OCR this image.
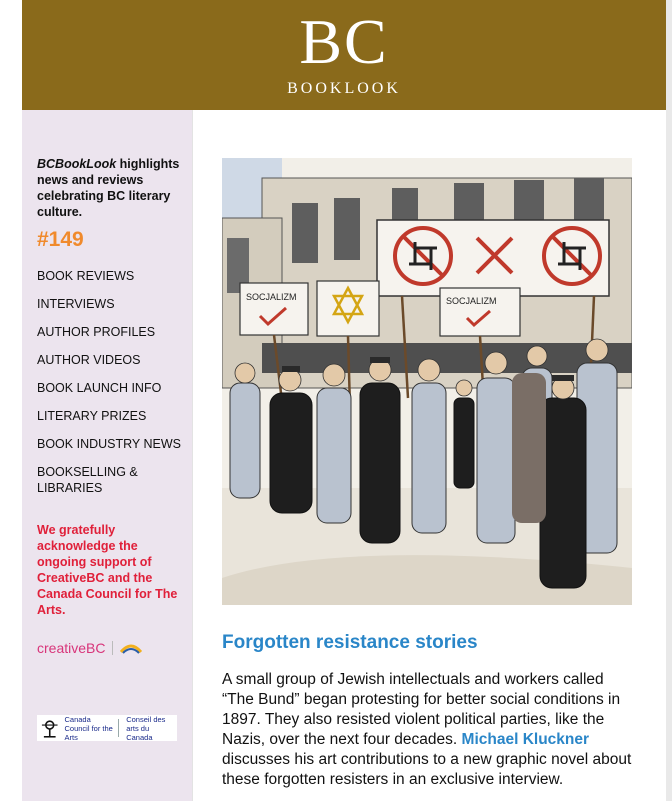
BC
BOOKLOOK
BCBookLook highlights news and reviews celebrating BC literary culture.
#149
BOOK REVIEWS
INTERVIEWS
AUTHOR PROFILES
AUTHOR VIDEOS
BOOK LAUNCH INFO
LITERARY PRIZES
BOOK INDUSTRY NEWS
BOOKSELLING & LIBRARIES
We gratefully acknowledge the ongoing support of CreativeBC and the Canada Council for The Arts.
creativeBC
Canada Council for the Arts
Conseil des arts du Canada
SOCJALIZM	SOCJALIZM
Forgotten resistance stories
A small group of Jewish intellectuals and workers called “The Bund” began protesting for better social conditions in 1897. They also resisted violent political parties, like the Nazis, over the next four decades. Michael Kluckner discusses his art contributions to a new graphic novel about these forgotten resisters in an exclusive interview.
